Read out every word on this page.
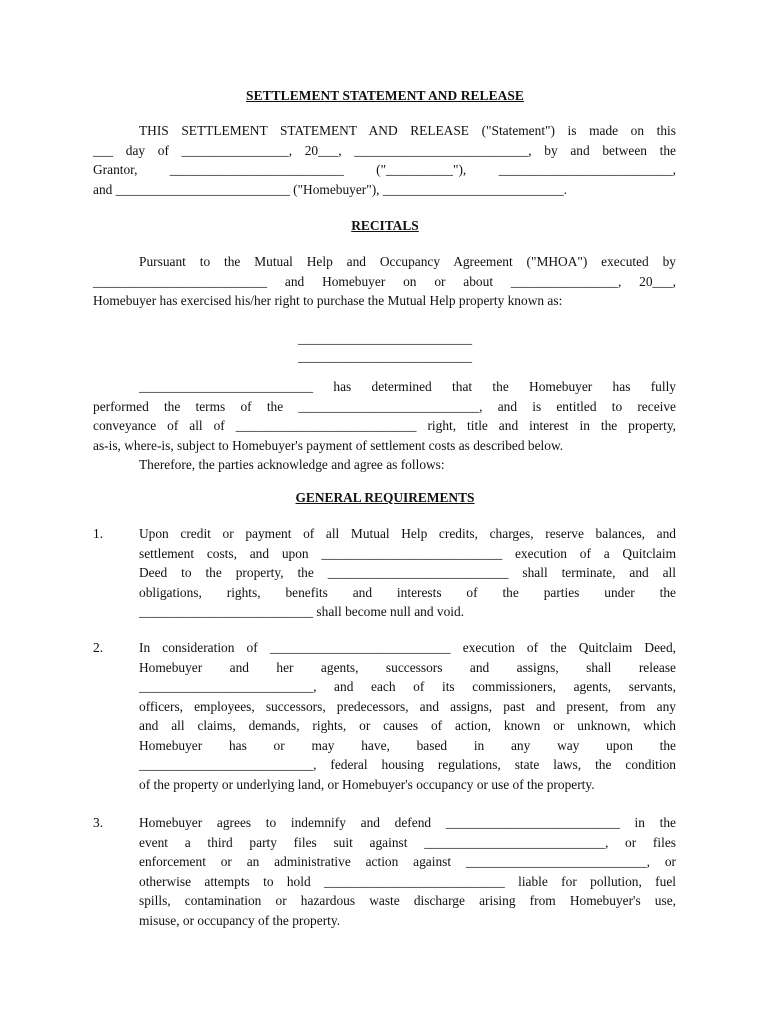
SETTLEMENT STATEMENT AND RELEASE
THIS SETTLEMENT STATEMENT AND RELEASE ("Statement") is made on this
___ day of ________________, 20___, __________________________, by and between the
Grantor, __________________________ ("__________"), __________________________,
and __________________________ ("Homebuyer"), ___________________________.
RECITALS
Pursuant to the Mutual Help and Occupancy Agreement ("MHOA") executed by
__________________________ and Homebuyer on or about ________________, 20___,
Homebuyer has exercised his/her right to purchase the Mutual Help property known as:
__________________________
__________________________
__________________________ has determined that the Homebuyer has fully
performed the terms of the ___________________________, and is entitled to receive
conveyance of all of ___________________________ right, title and interest in the property,
as-is, where-is, subject to Homebuyer's payment of settlement costs as described below.
Therefore, the parties acknowledge and agree as follows:
GENERAL REQUIREMENTS
1.	Upon credit or payment of all Mutual Help credits, charges, reserve balances, and
settlement costs, and upon ___________________________ execution of a Quitclaim
Deed to the property, the ___________________________ shall terminate, and all
obligations, rights, benefits and interests of the parties under the
__________________________ shall become null and void.
2.	In consideration of ___________________________ execution of the Quitclaim Deed,
Homebuyer and her agents, successors and assigns, shall release
__________________________, and each of its commissioners, agents, servants,
officers, employees, successors, predecessors, and assigns, past and present, from any
and all claims, demands, rights, or causes of action, known or unknown, which
Homebuyer has or may have, based in any way upon the
__________________________, federal housing regulations, state laws, the condition
of the property or underlying land, or Homebuyer's occupancy or use of the property.
3.	Homebuyer agrees to indemnify and defend __________________________ in the
event a third party files suit against ___________________________, or files
enforcement or an administrative action against ___________________________, or
otherwise attempts to hold ___________________________ liable for pollution, fuel
spills, contamination or hazardous waste discharge arising from Homebuyer's use,
misuse, or occupancy of the property.
